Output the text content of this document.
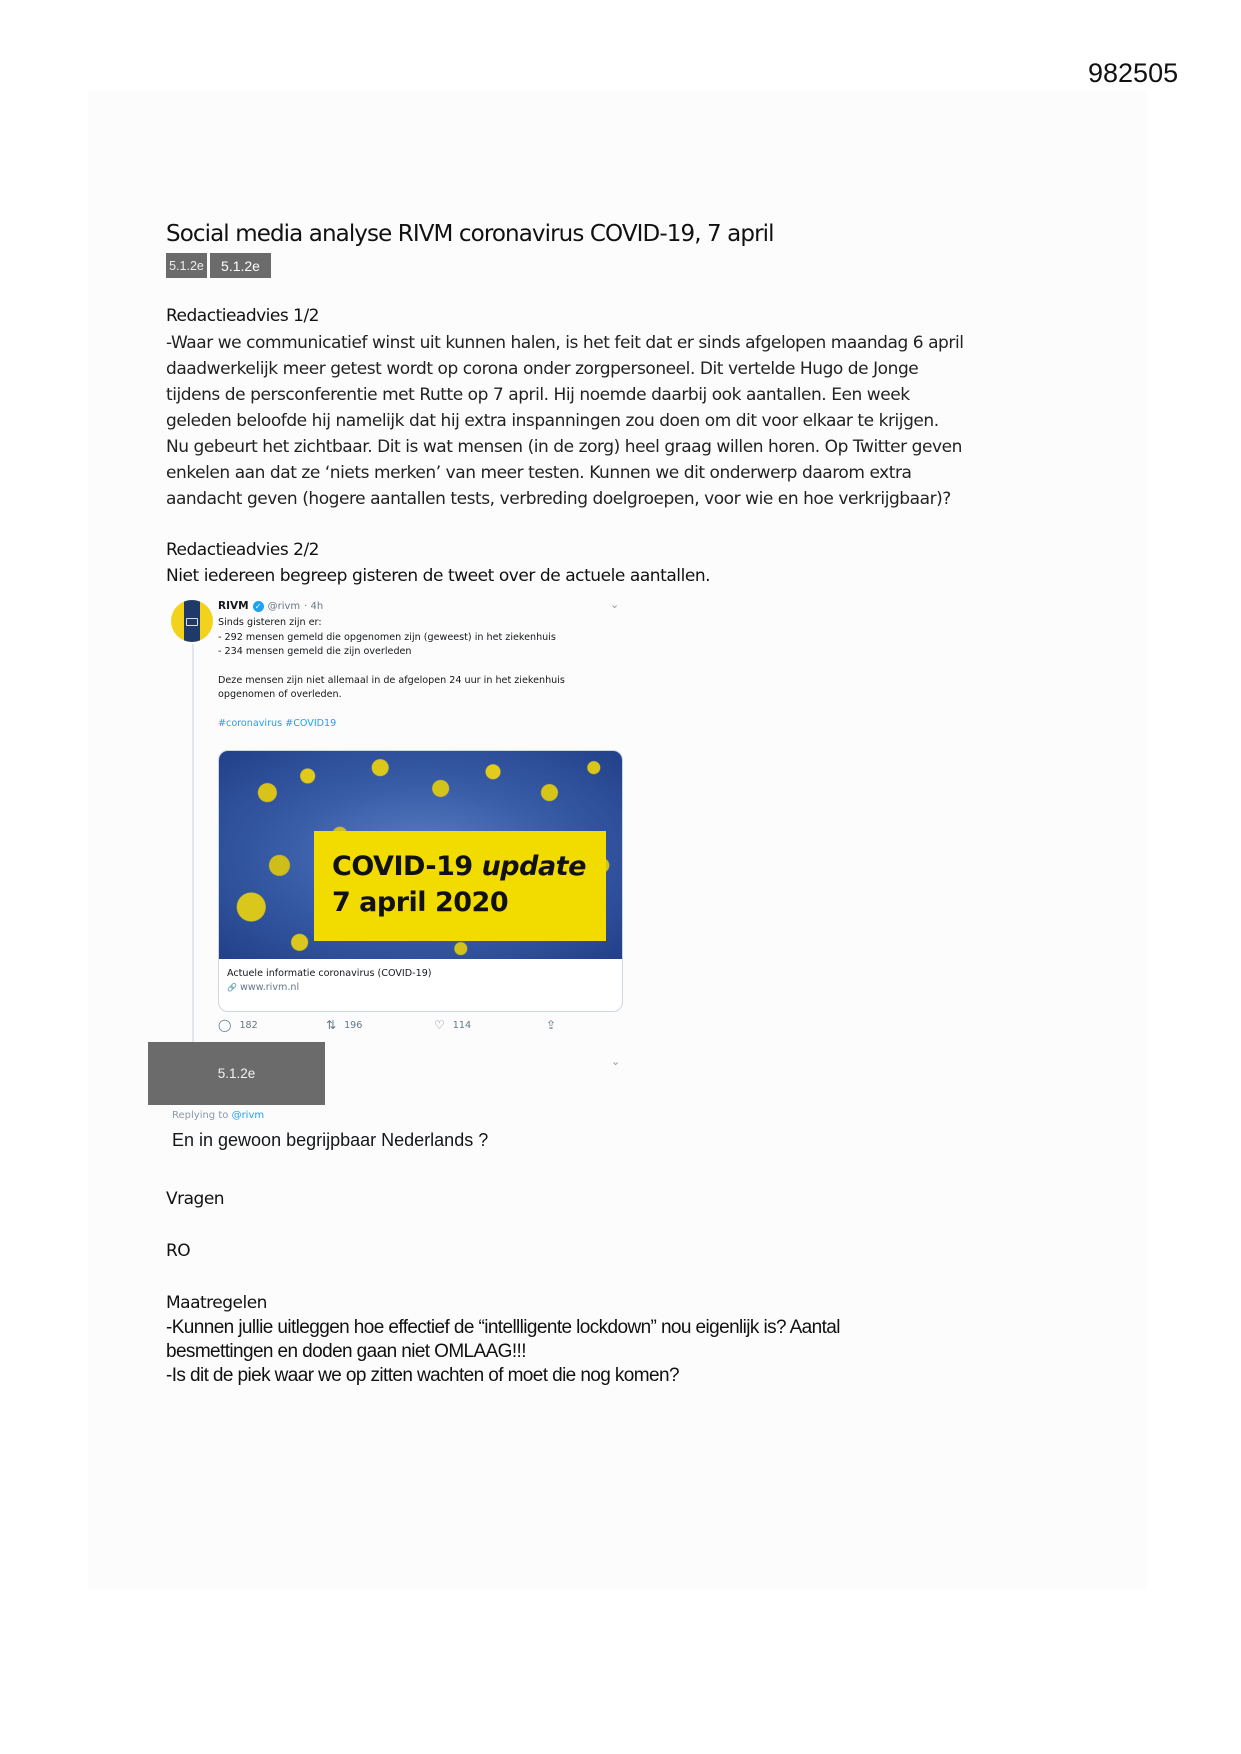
982505
Social media analyse RIVM coronavirus COVID-19, 7 april
5.1.2e	5.1.2e
Redactieadvies 1/2
-Waar we communicatief winst uit kunnen halen, is het feit dat er sinds afgelopen maandag 6 april
daadwerkelijk meer getest wordt op corona onder zorgpersoneel. Dit vertelde Hugo de Jonge
tijdens de persconferentie met Rutte op 7 april. Hij noemde daarbij ook aantallen. Een week
geleden beloofde hij namelijk dat hij extra inspanningen zou doen om dit voor elkaar te krijgen.
Nu gebeurt het zichtbaar. Dit is wat mensen (in de zorg) heel graag willen horen. Op Twitter geven
enkelen aan dat ze ‘niets merken’ van meer testen. Kunnen we dit onderwerp daarom extra
aandacht geven (hogere aantallen tests, verbreding doelgroepen, voor wie en hoe verkrijgbaar)?
Redactieadvies 2/2
Niet iedereen begreep gisteren de tweet over de actuele aantallen.
RIVM ✓ @rivm · 4h	⌄
Sinds gisteren zijn er:
- 292 mensen gemeld die opgenomen zijn (geweest) in het ziekenhuis
- 234 mensen gemeld die zijn overleden
Deze mensen zijn niet allemaal in de afgelopen 24 uur in het ziekenhuis
opgenomen of overleden.
#coronavirus #COVID19
COVID-19 update
7 april 2020
Actuele informatie coronavirus (COVID-19)
🔗 www.rivm.nl
◯ 182	⇅ 196	♡ 114	⇪
5.1.2e
⌄
Replying to @rivm
En in gewoon begrijpbaar Nederlands ?
Vragen
RO
Maatregelen
-Kunnen jullie uitleggen hoe effectief de “intellligente lockdown” nou eigenlijk is? Aantal
besmettingen en doden gaan niet OMLAAG!!!
-Is dit de piek waar we op zitten wachten of moet die nog komen?
